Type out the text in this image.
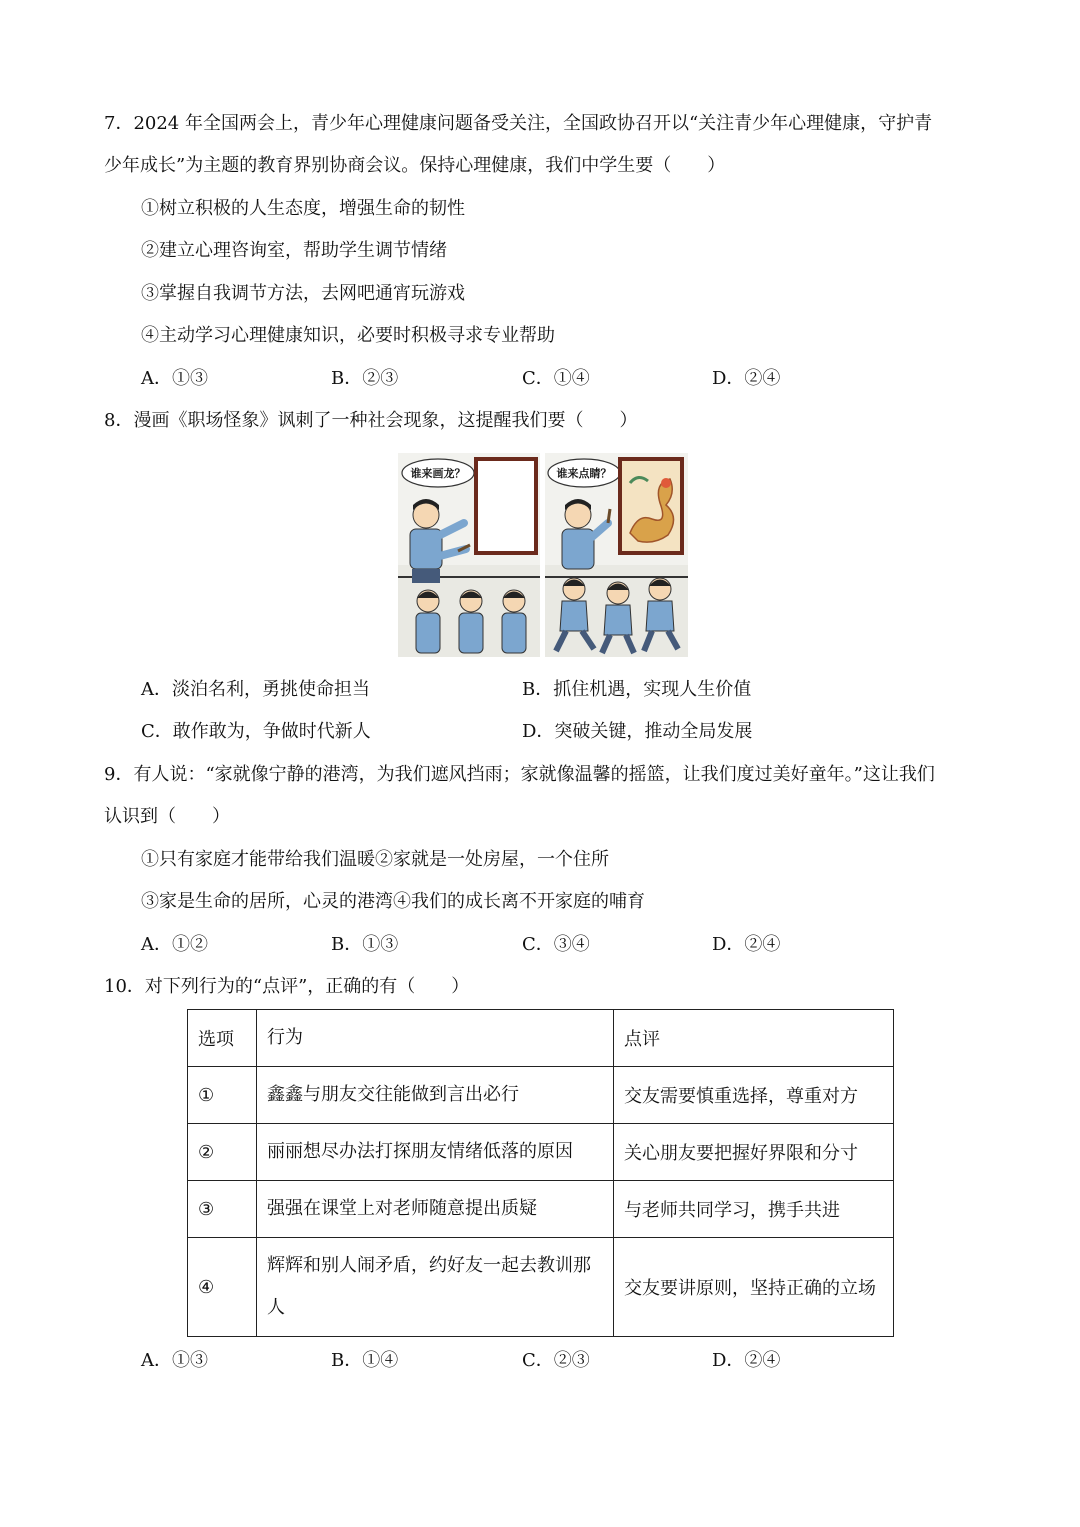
7．2024 年全国两会上，青少年心理健康问题备受关注，全国政协召开以“关注青少年心理健康，守护青
少年成长”为主题的教育界别协商会议。保持心理健康，我们中学生要（　　）
①树立积极的人生态度，增强生命的韧性
②建立心理咨询室，帮助学生调节情绪
③掌握自我调节方法，去网吧通宵玩游戏
④主动学习心理健康知识，必要时积极寻求专业帮助
A．①③	B．②③	C．①④	D．②④
8．漫画《职场怪象》讽刺了一种社会现象，这提醒我们要（　　）
谁来画龙？	谁来点睛？
A．淡泊名利，勇挑使命担当	B．抓住机遇，实现人生价值
C．敢作敢为，争做时代新人	D．突破关键，推动全局发展
9．有人说：“家就像宁静的港湾，为我们遮风挡雨；家就像温馨的摇篮，让我们度过美好童年。”这让我们
认识到（　　）
①只有家庭才能带给我们温暖②家就是一处房屋，一个住所
③家是生命的居所，心灵的港湾④我们的成长离不开家庭的哺育
A．①②	B．①③	C．③④	D．②④
10．对下列行为的“点评”，正确的有（　　）
选项	行为	点评
①	鑫鑫与朋友交往能做到言出必行	交友需要慎重选择，尊重对方
②	丽丽想尽办法打探朋友情绪低落的原因	关心朋友要把握好界限和分寸
③	强强在课堂上对老师随意提出质疑	与老师共同学习，携手共进
④	辉辉和别人闹矛盾，约好友一起去教训那人	交友要讲原则，坚持正确的立场
A．①③	B．①④	C．②③	D．②④
